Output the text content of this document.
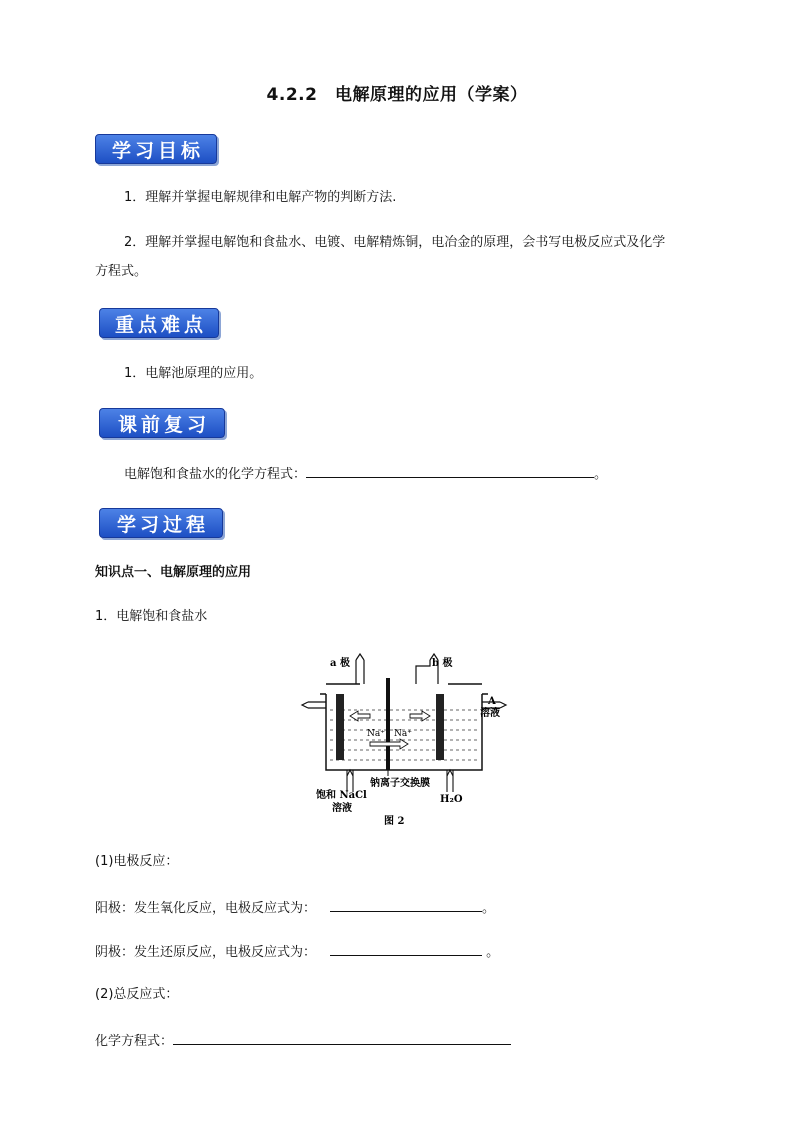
4.2.2　电解原理的应用（学案）
学习目标
1．理解并掌握电解规律和电解产物的判断方法.
2．理解并掌握电解饱和食盐水、电镀、电解精炼铜，电冶金的原理，会书写电极反应式及化学
方程式。
重点难点
1．电解池原理的应用。
课前复习
电解饱和食盐水的化学方程式：	。
学习过程
知识点一、电解原理的应用
1．电解饱和食盐水
a 极	b 极
A
溶液
Na⁺ Na⁺
钠离子交换膜
饱和 NaCl
溶液
H₂O
图 2
(1)电极反应：
阳极：发生氧化反应，电极反应式为：	。
阴极：发生还原反应，电极反应式为：	。
(2)总反应式：
化学方程式：
